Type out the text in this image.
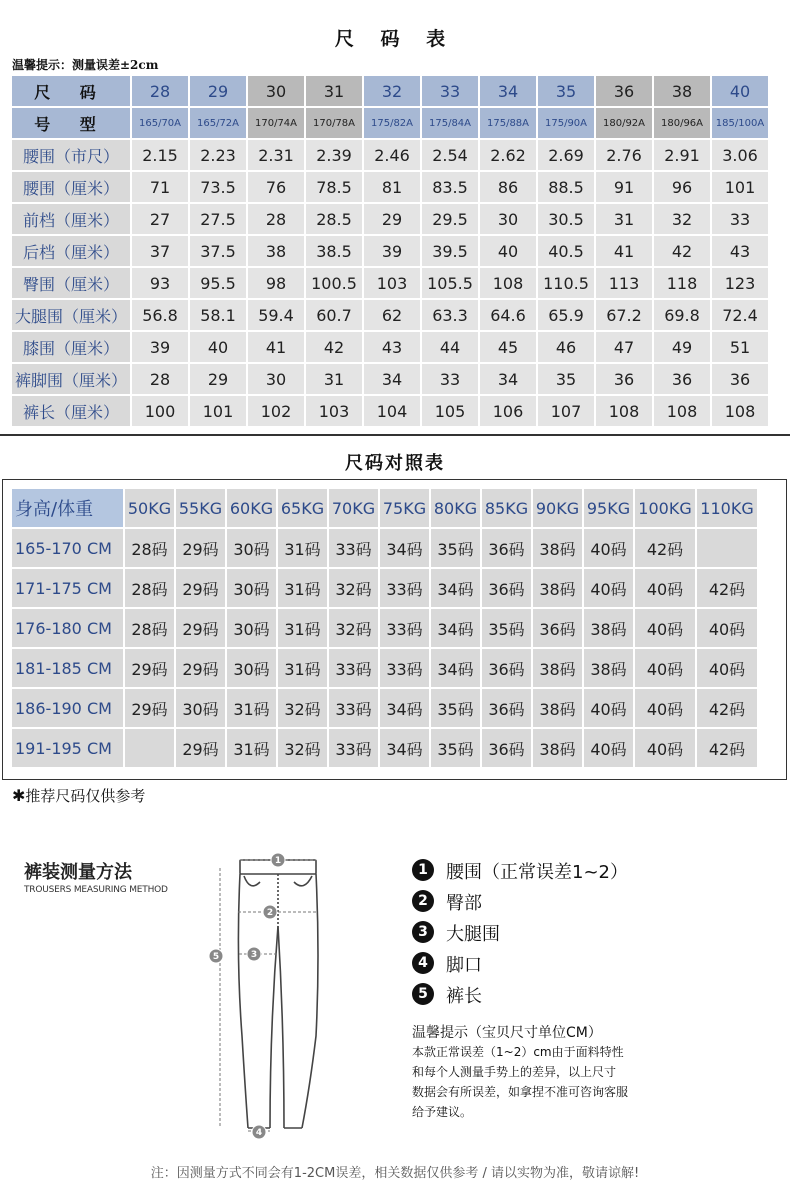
尺 码 表
温馨提示：测量误差±2cm
尺 码	28	29	30	31	32	33	34	35	36	38	40
号 型	165/70A	165/72A	170/74A	170/78A	175/82A	175/84A	175/88A	175/90A	180/92A	180/96A	185/100A
腰围（市尺）	2.15	2.23	2.31	2.39	2.46	2.54	2.62	2.69	2.76	2.91	3.06
腰围（厘米）	71	73.5	76	78.5	81	83.5	86	88.5	91	96	101
前档（厘米）	27	27.5	28	28.5	29	29.5	30	30.5	31	32	33
后档（厘米）	37	37.5	38	38.5	39	39.5	40	40.5	41	42	43
臀围（厘米）	93	95.5	98	100.5	103	105.5	108	110.5	113	118	123
大腿围（厘米）	56.8	58.1	59.4	60.7	62	63.3	64.6	65.9	67.2	69.8	72.4
膝围（厘米）	39	40	41	42	43	44	45	46	47	49	51
裤脚围（厘米）	28	29	30	31	34	33	34	35	36	36	36
裤长（厘米）	100	101	102	103	104	105	106	107	108	108	108
尺码对照表
身高/体重	50KG	55KG	60KG	65KG	70KG	75KG	80KG	85KG	90KG	95KG	100KG	110KG
165-170 CM	28码	29码	30码	31码	33码	34码	35码	36码	38码	40码	42码	
171-175 CM	28码	29码	30码	31码	32码	33码	34码	36码	38码	40码	40码	42码
176-180 CM	28码	29码	30码	31码	32码	33码	34码	35码	36码	38码	40码	40码
181-185 CM	29码	29码	30码	31码	33码	33码	34码	36码	38码	38码	40码	40码
186-190 CM	29码	30码	31码	32码	33码	34码	35码	36码	38码	40码	40码	42码
191-195 CM		29码	31码	32码	33码	34码	35码	36码	38码	40码	40码	42码
✱推荐尺码仅供参考
裤装测量方法
TROUSERS MEASURING METHOD
1
2
3
4
5
1	腰围（正常误差1~2）
2	臀部
3	大腿围
4	脚口
5	裤长
温馨提示（宝贝尺寸单位CM）
本款正常误差（1~2）cm由于面料特性
和每个人测量手势上的差异，以上尺寸
数据会有所误差，如拿捏不准可咨询客服
给予建议。
注：因测量方式不同会有1-2CM误差，相关数据仅供参考 / 请以实物为准，敬请谅解!
